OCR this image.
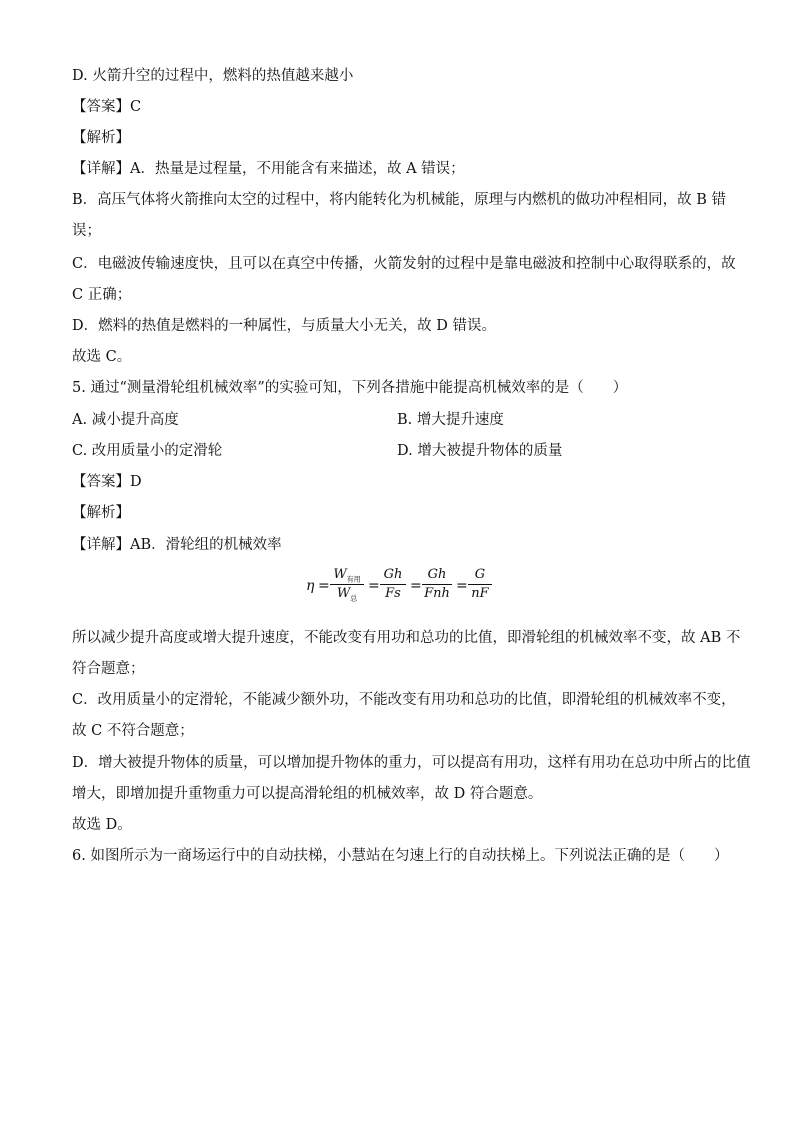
D. 火箭升空的过程中，燃料的热值越来越小
【答案】C
【解析】
【详解】A．热量是过程量，不用能含有来描述，故 A 错误；
B．高压气体将火箭推向太空的过程中，将内能转化为机械能，原理与内燃机的做功冲程相同，故 B 错
误；
C．电磁波传输速度快，且可以在真空中传播，火箭发射的过程中是靠电磁波和控制中心取得联系的，故
C 正确；
D．燃料的热值是燃料的一种属性，与质量大小无关，故 D 错误。
故选 C。
5. 通过“测量滑轮组机械效率”的实验可知，下列各措施中能提高机械效率的是（　　）
A. 减小提升高度	B. 增大提升速度
C. 改用质量小的定滑轮	D. 增大被提升物体的质量
【答案】D
【解析】
【详解】AB．滑轮组的机械效率
η =
$W_{有用}$
$W_总$
=
Gh
Fs =
Gh
Fnh =
G
nF
所以减少提升高度或增大提升速度，不能改变有用功和总功的比值，即滑轮组的机械效率不变，故 AB 不
符合题意；
C．改用质量小的定滑轮，不能减少额外功，不能改变有用功和总功的比值，即滑轮组的机械效率不变，
故 C 不符合题意；
D．增大被提升物体的质量，可以增加提升物体的重力，可以提高有用功，这样有用功在总功中所占的比值
增大，即增加提升重物重力可以提高滑轮组的机械效率，故 D 符合题意。
故选 D。
6. 如图所示为一商场运行中的自动扶梯，小慧站在匀速上行的自动扶梯上。下列说法正确的是（　　）
